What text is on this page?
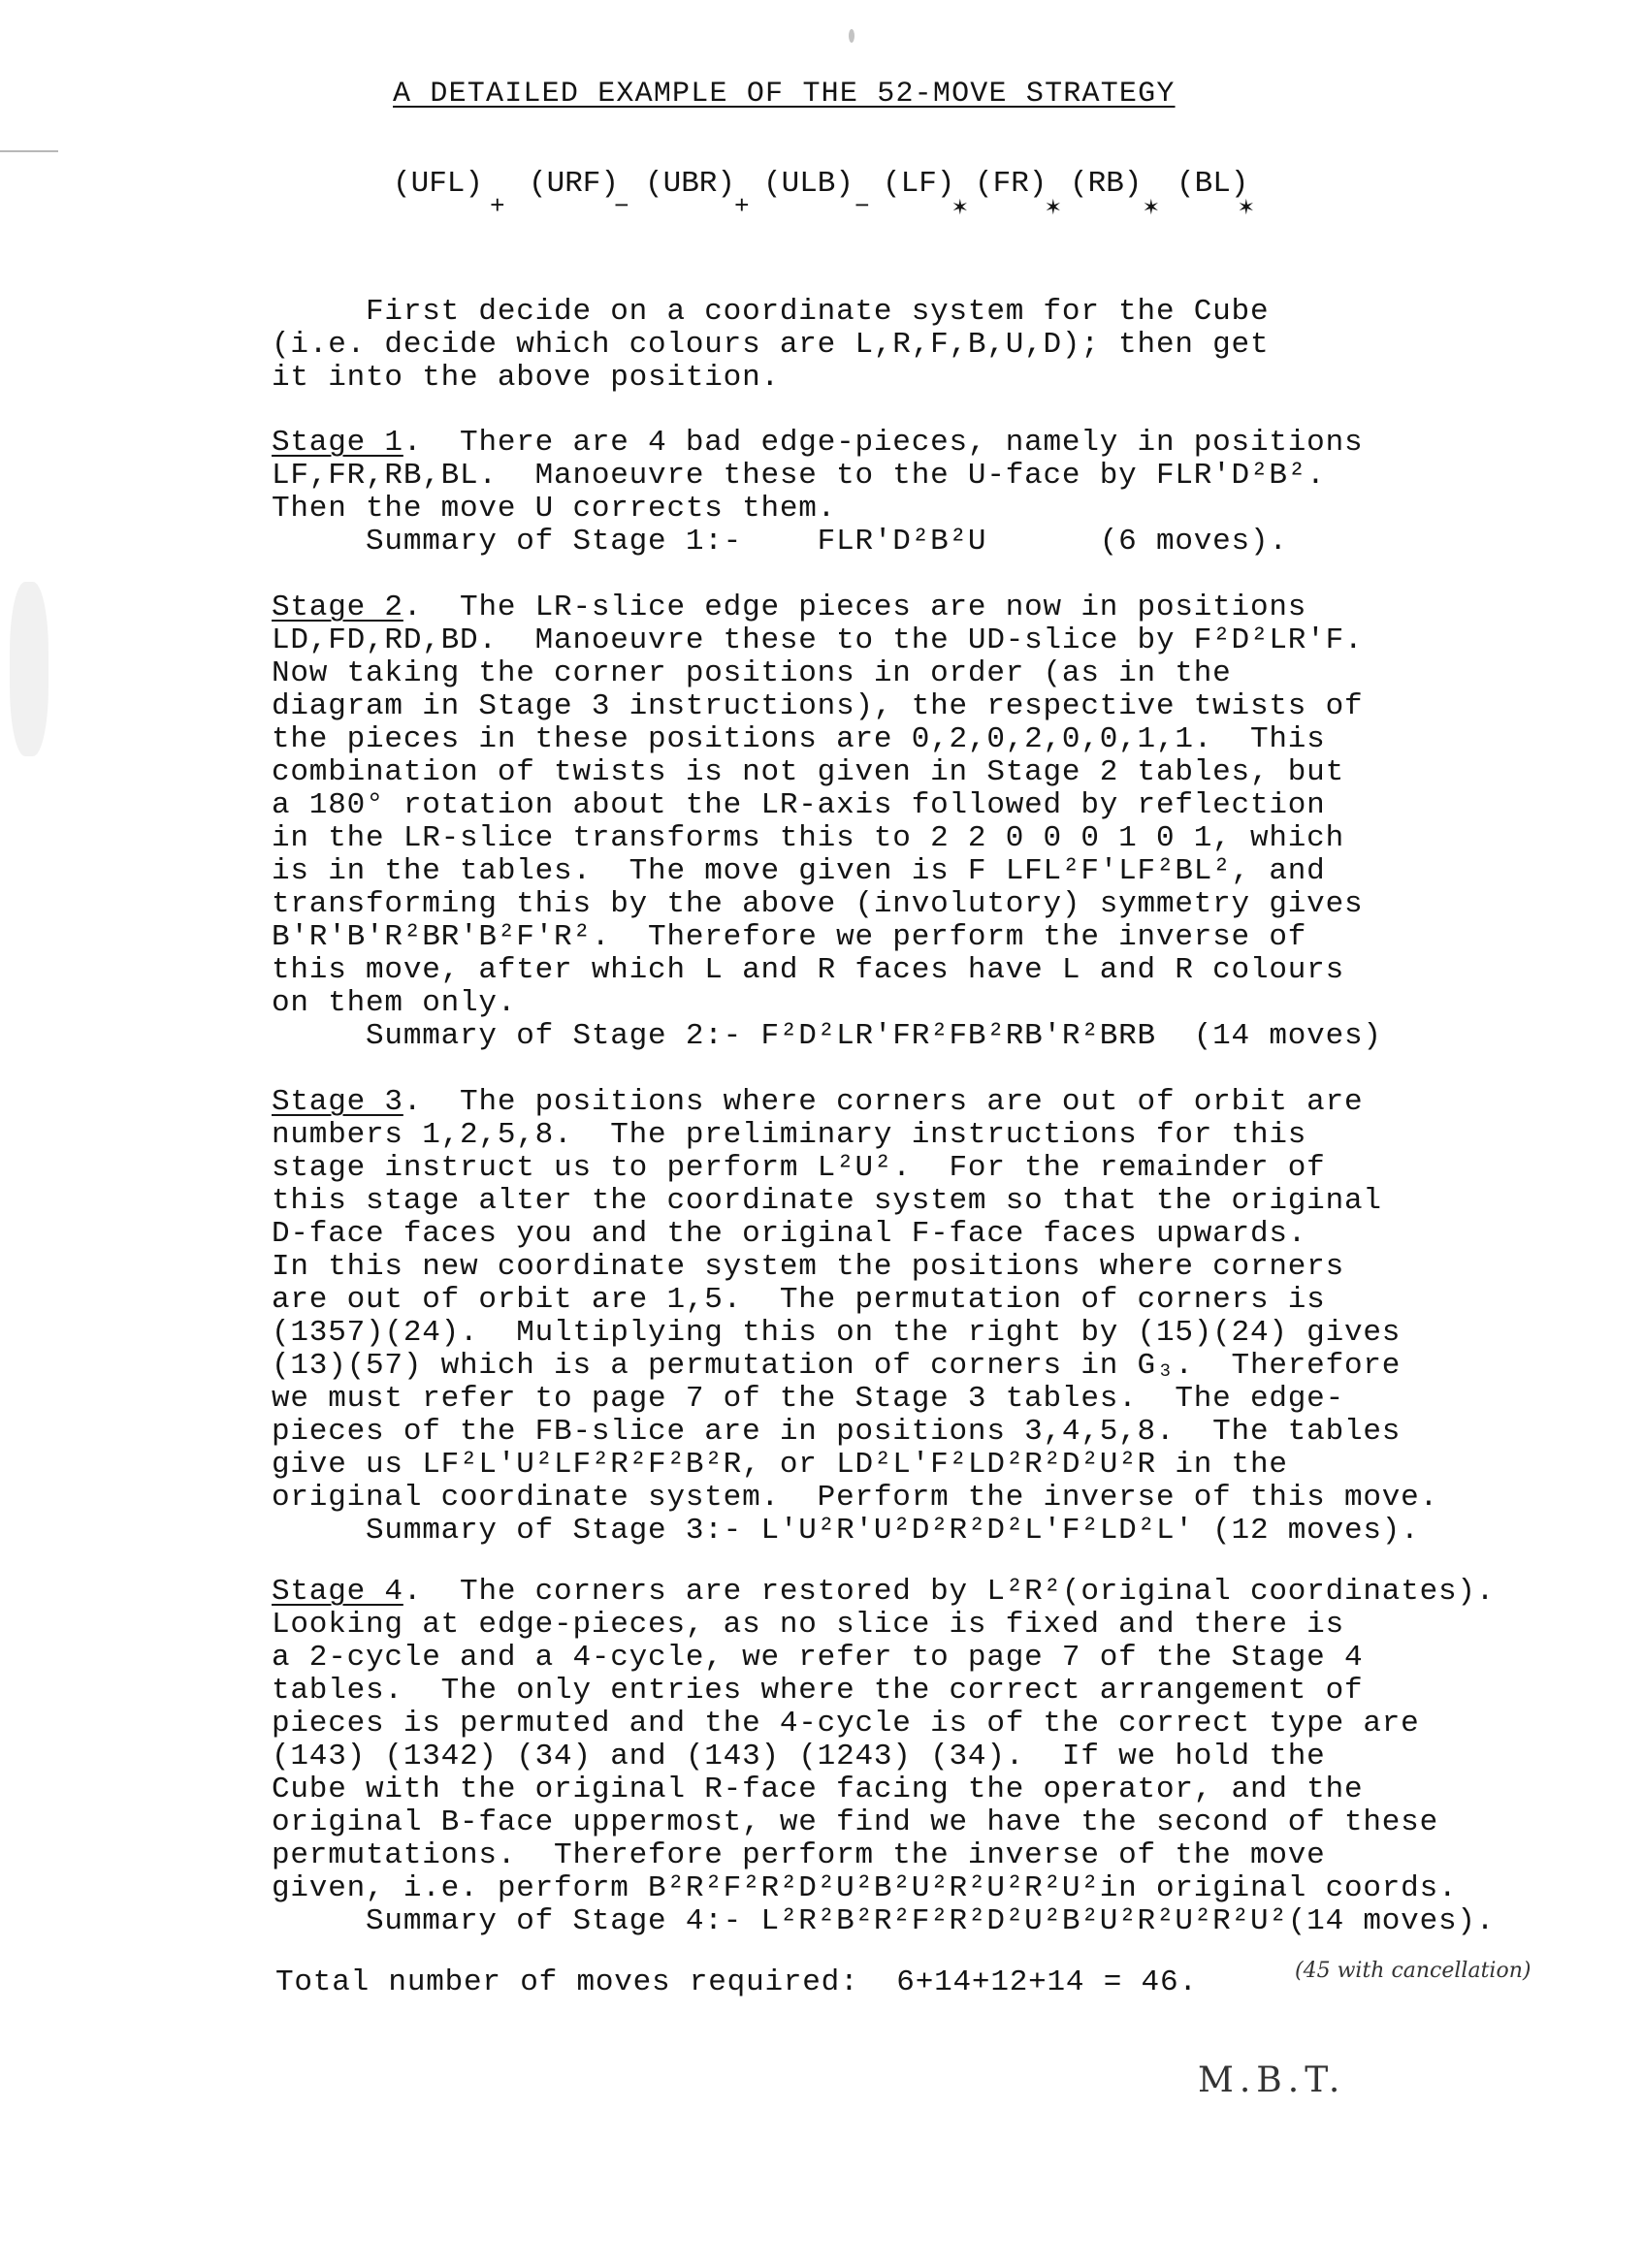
A DETAILED EXAMPLE OF THE 52-MOVE STRATEGY

(UFL)

+

(URF)

−

(UBR)

+

(ULB)

−

(LF)

✶

(FR)

✶

(RB)

✶

(BL)

✶

First decide on a coordinate system for the Cube
(i.e. decide which colours are L,R,F,B,U,D); then get
it into the above position.
Stage 1.  There are 4 bad edge-pieces, namely in positions
LF,FR,RB,BL.  Manoeuvre these to the U-face by FLR'D²B².
Then the move U corrects them.
Summary of Stage 1:-    FLR'D²B²U      (6 moves).
Stage 2.  The LR-slice edge pieces are now in positions
LD,FD,RD,BD.  Manoeuvre these to the UD-slice by F²D²LR'F.
Now taking the corner positions in order (as in the
diagram in Stage 3 instructions), the respective twists of
the pieces in these positions are 0,2,0,2,0,0,1,1.  This
combination of twists is not given in Stage 2 tables, but
a 180° rotation about the LR-axis followed by reflection
in the LR-slice transforms this to 2 2 0 0 0 1 0 1, which
is in the tables.  The move given is F LFL²F'LF²BL², and
transforming this by the above (involutory) symmetry gives
B'R'B'R²BR'B²F'R².  Therefore we perform the inverse of
this move, after which L and R faces have L and R colours
on them only.
Summary of Stage 2:- F²D²LR'FR²FB²RB'R²BRB  (14 moves)
Stage 3.  The positions where corners are out of orbit are
numbers 1,2,5,8.  The preliminary instructions for this
stage instruct us to perform L²U².  For the remainder of
this stage alter the coordinate system so that the original
D-face faces you and the original F-face faces upwards.
In this new coordinate system the positions where corners
are out of orbit are 1,5.  The permutation of corners is
(1357)(24).  Multiplying this on the right by (15)(24) gives
(13)(57) which is a permutation of corners in G₃.  Therefore
we must refer to page 7 of the Stage 3 tables.  The edge-
pieces of the FB-slice are in positions 3,4,5,8.  The tables
give us LF²L'U²LF²R²F²B²R, or LD²L'F²LD²R²D²U²R in the
original coordinate system.  Perform the inverse of this move.
Summary of Stage 3:- L'U²R'U²D²R²D²L'F²LD²L' (12 moves).
Stage 4.  The corners are restored by L²R²(original coordinates).
Looking at edge-pieces, as no slice is fixed and there is
a 2-cycle and a 4-cycle, we refer to page 7 of the Stage 4
tables.  The only entries where the correct arrangement of
pieces is permuted and the 4-cycle is of the correct type are
(143) (1342) (34) and (143) (1243) (34).  If we hold the
Cube with the original R-face facing the operator, and the
original B-face uppermost, we find we have the second of these
permutations.  Therefore perform the inverse of the move
given, i.e. perform B²R²F²R²D²U²B²U²R²U²R²U²in original coords.
Summary of Stage 4:- L²R²B²R²F²R²D²U²B²U²R²U²R²U²(14 moves).
Total number of moves required:  6+14+12+14 = 46.	(45 with cancellation)
M.B.T.
